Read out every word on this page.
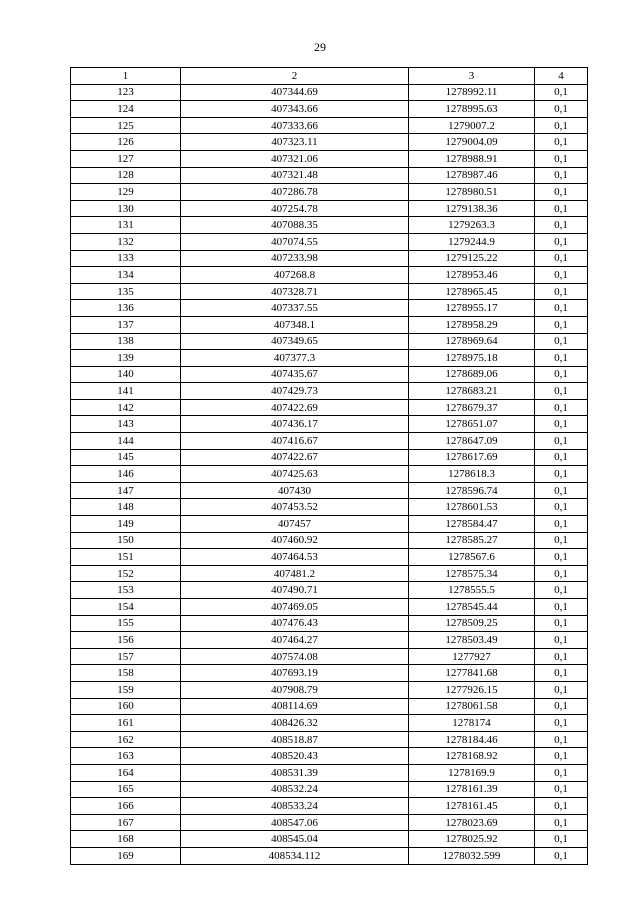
29
1	2	3	4
123	407344.69	1278992.11	0,1
124	407343.66	1278995.63	0,1
125	407333.66	1279007.2	0,1
126	407323.11	1279004.09	0,1
127	407321.06	1278988.91	0,1
128	407321.48	1278987.46	0,1
129	407286.78	1278980.51	0,1
130	407254.78	1279138.36	0,1
131	407088.35	1279263.3	0,1
132	407074.55	1279244.9	0,1
133	407233.98	1279125.22	0,1
134	407268.8	1278953.46	0,1
135	407328.71	1278965.45	0,1
136	407337.55	1278955.17	0,1
137	407348.1	1278958.29	0,1
138	407349.65	1278969.64	0,1
139	407377.3	1278975.18	0,1
140	407435.67	1278689.06	0,1
141	407429.73	1278683.21	0,1
142	407422.69	1278679.37	0,1
143	407436.17	1278651.07	0,1
144	407416.67	1278647.09	0,1
145	407422.67	1278617.69	0,1
146	407425.63	1278618.3	0,1
147	407430	1278596.74	0,1
148	407453.52	1278601.53	0,1
149	407457	1278584.47	0,1
150	407460.92	1278585.27	0,1
151	407464.53	1278567.6	0,1
152	407481.2	1278575.34	0,1
153	407490.71	1278555.5	0,1
154	407469.05	1278545.44	0,1
155	407476.43	1278509.25	0,1
156	407464.27	1278503.49	0,1
157	407574.08	1277927	0,1
158	407693.19	1277841.68	0,1
159	407908.79	1277926.15	0,1
160	408114.69	1278061.58	0,1
161	408426.32	1278174	0,1
162	408518.87	1278184.46	0,1
163	408520.43	1278168.92	0,1
164	408531.39	1278169.9	0,1
165	408532.24	1278161.39	0,1
166	408533.24	1278161.45	0,1
167	408547.06	1278023.69	0,1
168	408545.04	1278025.92	0,1
169	408534.112	1278032.599	0,1
